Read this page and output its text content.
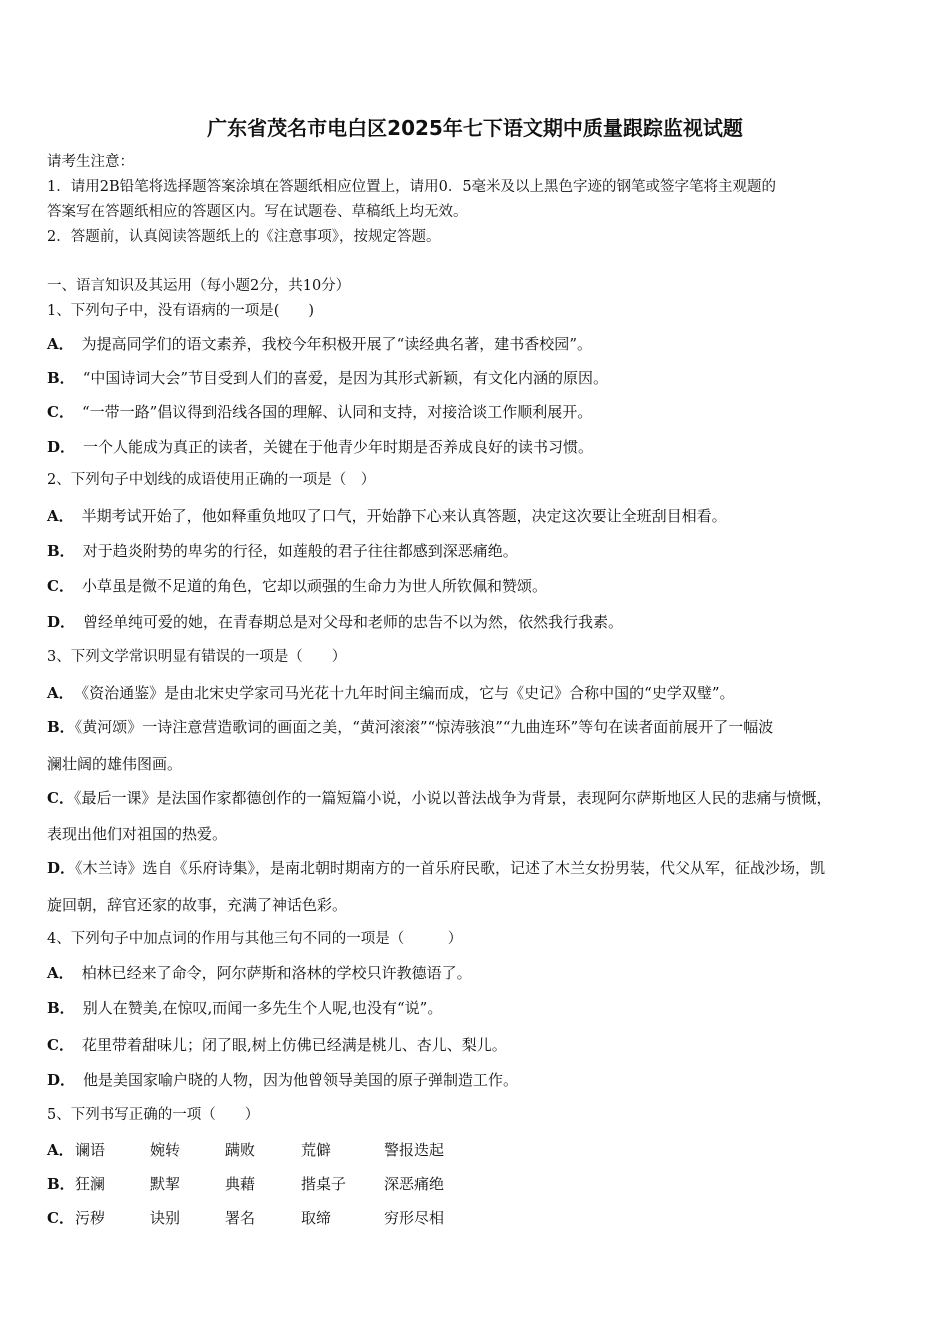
广东省茂名市电白区2025年七下语文期中质量跟踪监视试题
请考生注意：
1．请用2B铅笔将选择题答案涂填在答题纸相应位置上，请用0．5毫米及以上黑色字迹的钢笔或签字笔将主观题的
答案写在答题纸相应的答题区内。写在试题卷、草稿纸上均无效。
2．答题前，认真阅读答题纸上的《注意事项》，按规定答题。
一、语言知识及其运用（每小题2分，共10分）
1、下列句子中，没有语病的一项是(　　)
A． 为提高同学们的语文素养，我校今年积极开展了“读经典名著，建书香校园”。
B． “中国诗词大会”节目受到人们的喜爱，是因为其形式新颖，有文化内涵的原因。
C． “一带一路”倡议得到沿线各国的理解、认同和支持，对接洽谈工作顺利展开。
D． 一个人能成为真正的读者，关键在于他青少年时期是否养成良好的读书习惯。
2、下列句子中划线的成语使用正确的一项是（　）
A． 半期考试开始了，他如释重负地叹了口气，开始静下心来认真答题，决定这次要让全班刮目相看。
B． 对于趋炎附势的卑劣的行径，如莲般的君子往往都感到深恶痛绝。
C． 小草虽是微不足道的角色，它却以顽强的生命力为世人所钦佩和赞颂。
D． 曾经单纯可爱的她，在青春期总是对父母和老师的忠告不以为然，依然我行我素。
3、下列文学常识明显有错误的一项是（　　）
A． 《资治通鉴》是由北宋史学家司马光花十九年时间主编而成，它与《史记》合称中国的“史学双璧”。
B．《黄河颂》一诗注意营造歌词的画面之美，“黄河滚滚”“惊涛骇浪”“九曲连环”等句在读者面前展开了一幅波
澜壮阔的雄伟图画。
C．《最后一课》是法国作家都德创作的一篇短篇小说，小说以普法战争为背景，表现阿尔萨斯地区人民的悲痛与愤慨，
表现出他们对祖国的热爱。
D．《木兰诗》选自《乐府诗集》，是南北朝时期南方的一首乐府民歌，记述了木兰女扮男装，代父从军，征战沙场，凯
旋回朝，辞官还家的故事，充满了神话色彩。
4、下列句子中加点词的作用与其他三句不同的一项是（　　　）
A． 柏林已经来了命令，阿尔萨斯和洛林的学校只许教德语了。
B． 别人在赞美,在惊叹,而闻一多先生个人呢,也没有“说”。
C． 花里带着甜味儿；闭了眼,树上仿佛已经满是桃儿、杏儿、梨儿。
D． 他是美国家喻户晓的人物，因为他曾领导美国的原子弹制造工作。
5、下列书写正确的一项（　　）
A． 谰语	婉转	蹒败	荒僻	警报迭起
B． 狂澜	默挈	典藉	揩桌子	深恶痛绝
C． 污秽	诀别	署名	取缔	穷形尽相
